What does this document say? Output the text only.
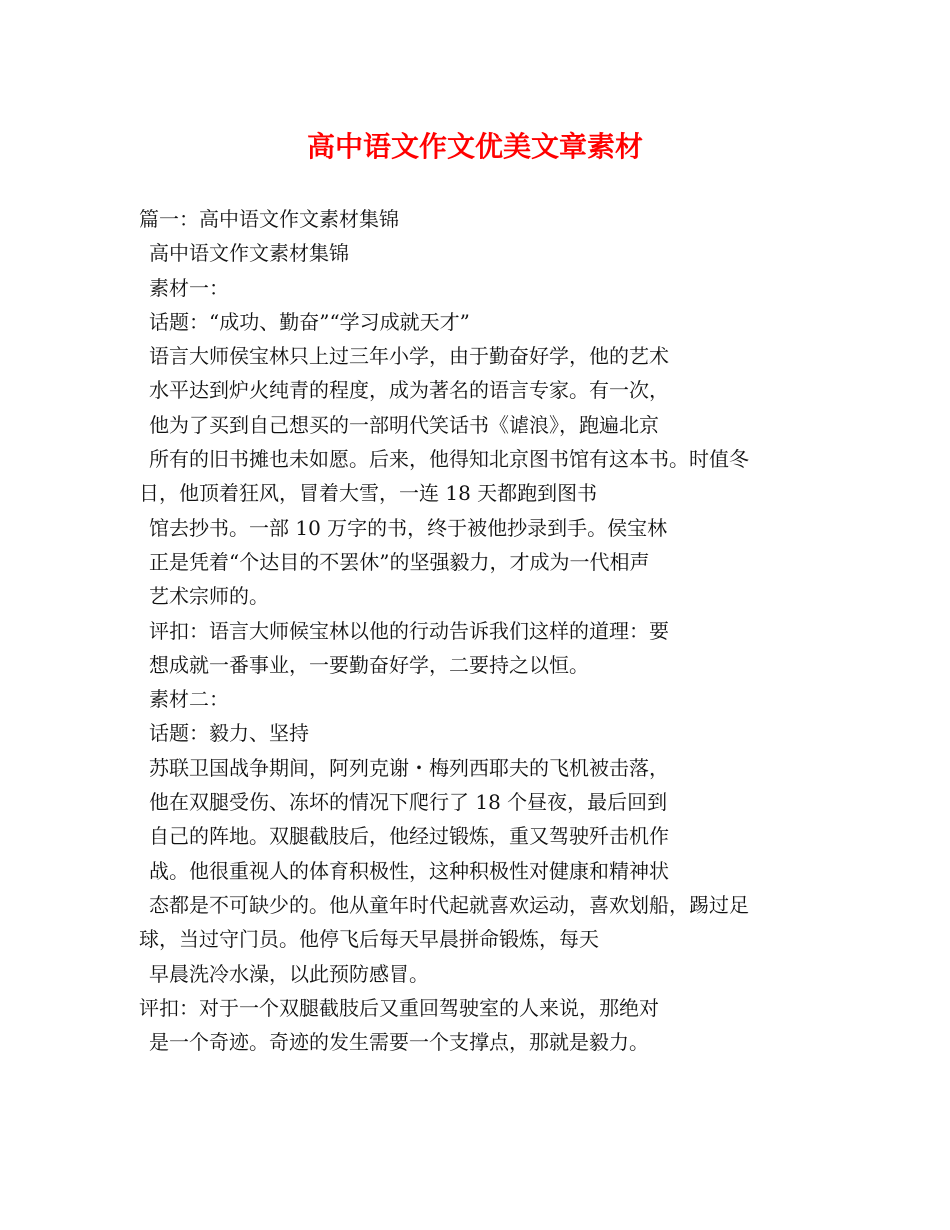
高中语文作文优美文章素材
篇一：高中语文作文素材集锦
高中语文作文素材集锦
素材一：
话题：“成功、勤奋”“学习成就天才”
语言大师侯宝林只上过三年小学，由于勤奋好学，他的艺术
水平达到炉火纯青的程度，成为著名的语言专家。有一次，
他为了买到自己想买的一部明代笑话书《谑浪》，跑遍北京
所有的旧书摊也未如愿。后来，他得知北京图书馆有这本书。时值冬
日，他顶着狂风，冒着大雪，一连 18 天都跑到图书
馆去抄书。一部 10 万字的书，终于被他抄录到手。侯宝林
正是凭着“个达目的不罢休”的坚强毅力，才成为一代相声
艺术宗师的。
评扣：语言大师候宝林以他的行动告诉我们这样的道理：要
想成就一番事业，一要勤奋好学，二要持之以恒。
素材二：
话题：毅力、坚持
苏联卫国战争期间，阿列克谢・梅列西耶夫的飞机被击落，
他在双腿受伤、冻坏的情况下爬行了 18 个昼夜，最后回到
自己的阵地。双腿截肢后，他经过锻炼，重又驾驶歼击机作
战。他很重视人的体育积极性，这种积极性对健康和精神状
态都是不可缺少的。他从童年时代起就喜欢运动，喜欢划船，踢过足
球，当过守门员。他停飞后每天早晨拼命锻炼，每天
早晨洗冷水澡，以此预防感冒。
评扣：对于一个双腿截肢后又重回驾驶室的人来说，那绝对
是一个奇迹。奇迹的发生需要一个支撑点，那就是毅力。
